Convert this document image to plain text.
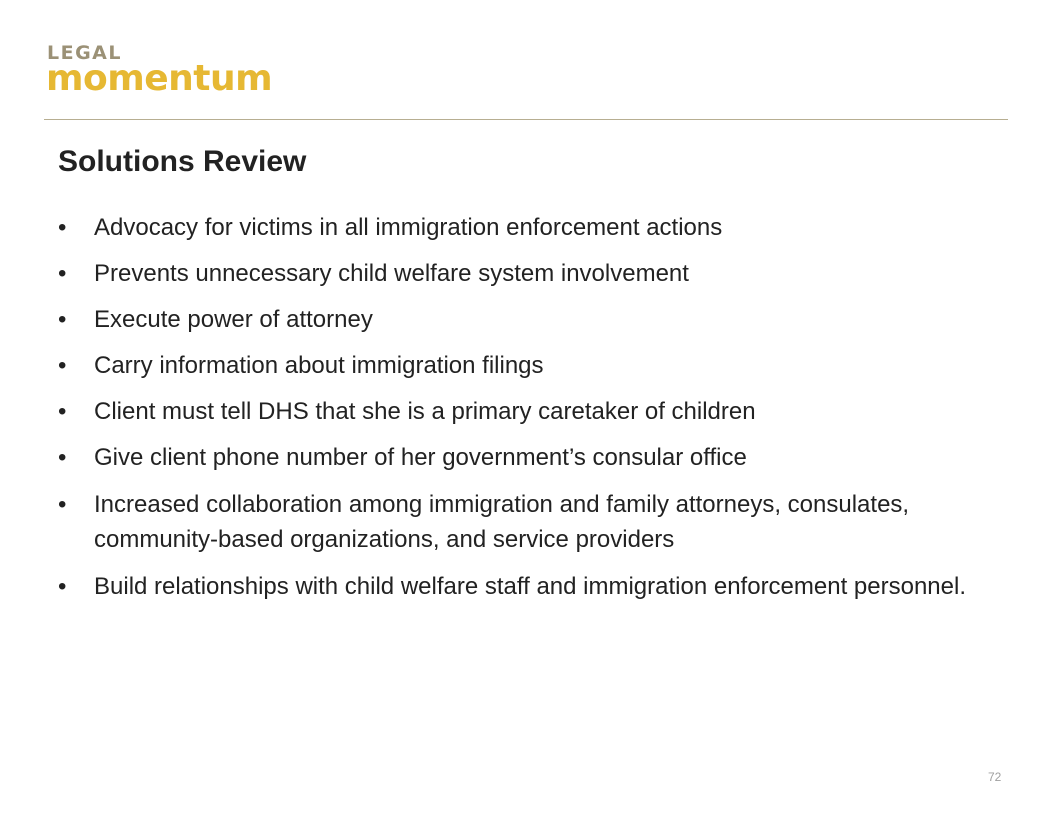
LEGAL
momentum
Solutions Review
• Advocacy for victims in all immigration enforcement actions
• Prevents unnecessary child welfare system involvement
• Execute power of attorney
• Carry information about immigration filings
• Client must tell DHS that she is a primary caretaker of children
• Give client phone number of her government’s consular office
• Increased collaboration among immigration and family attorneys, consulates, community-based organizations, and service providers
• Build relationships with child welfare staff and immigration enforcement personnel.
72
